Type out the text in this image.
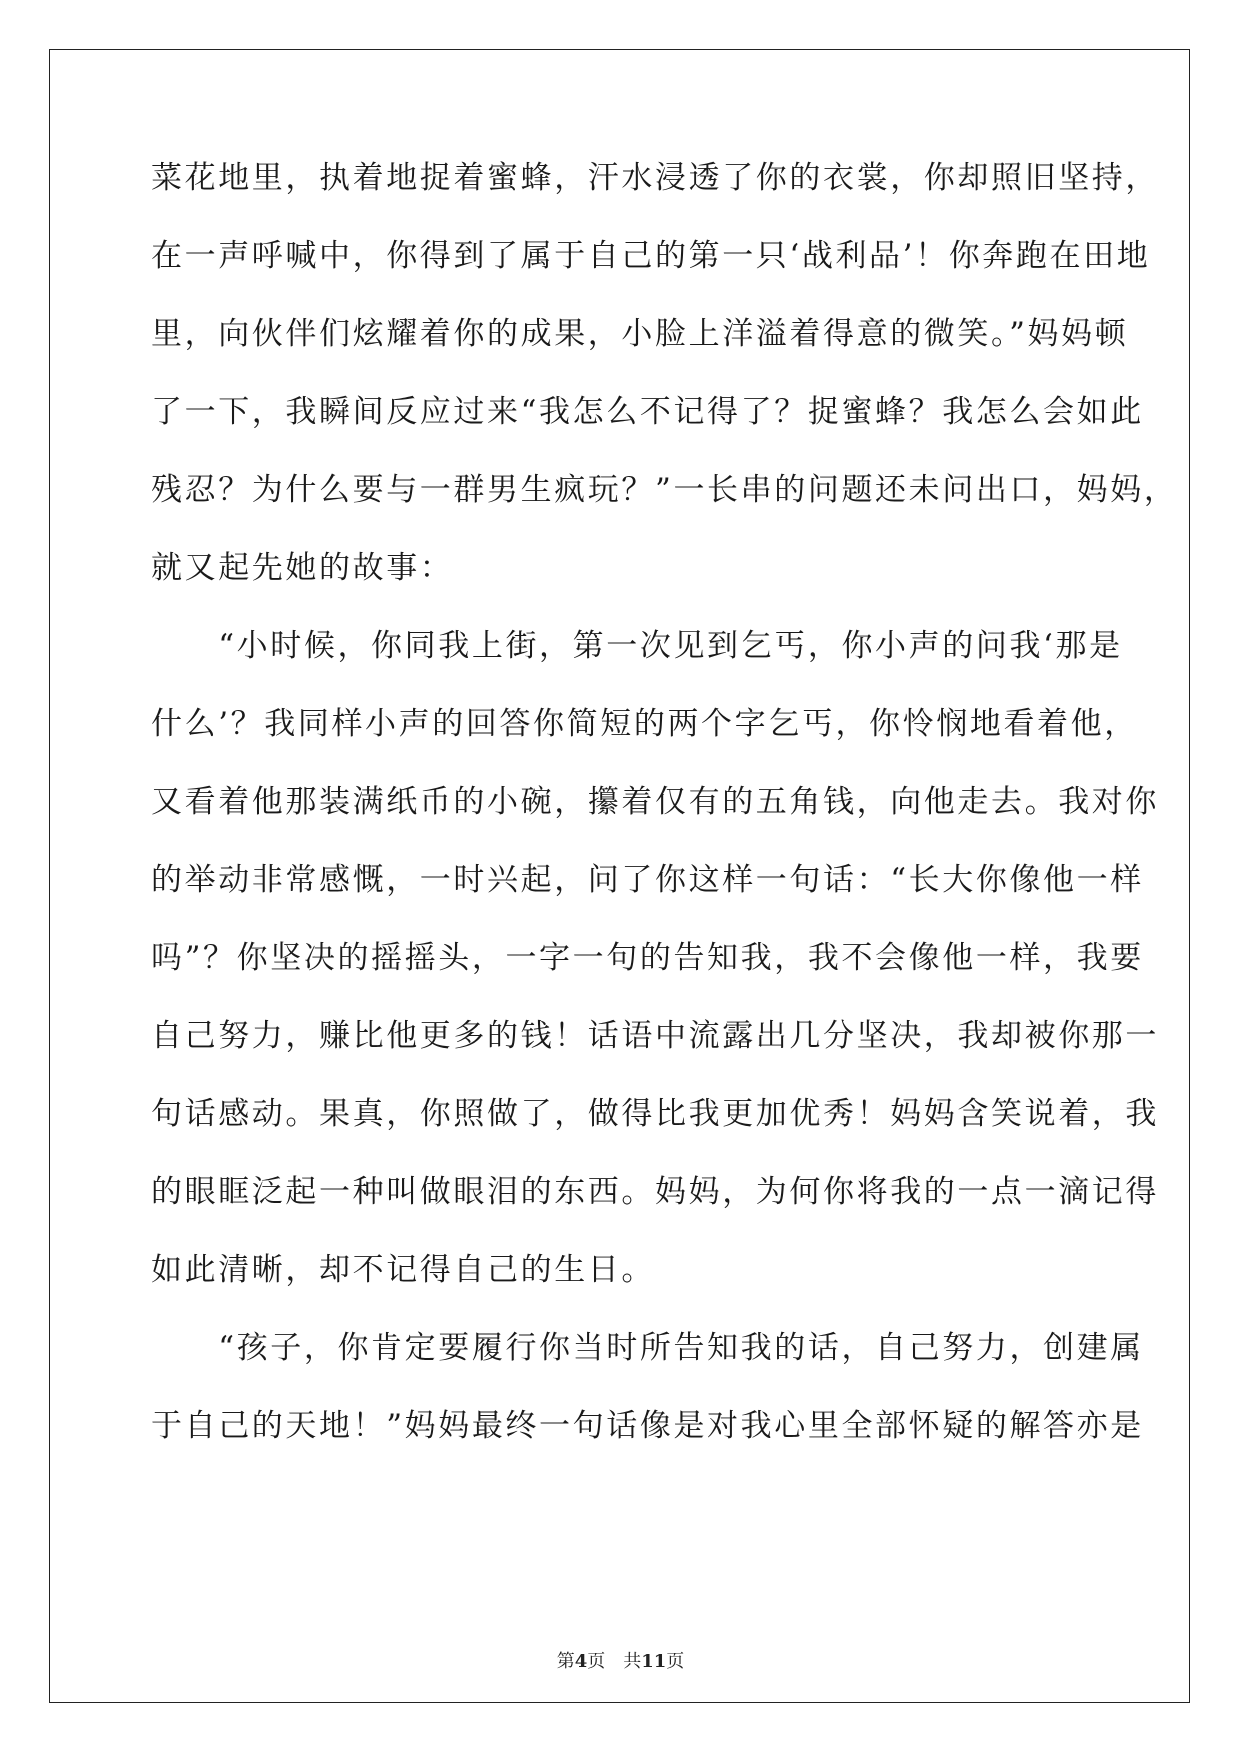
菜花地里，执着地捉着蜜蜂，汗水浸透了你的衣裳，你却照旧坚持，
在一声呼喊中，你得到了属于自己的第一只‘战利品’！你奔跑在田地
里，向伙伴们炫耀着你的成果，小脸上洋溢着得意的微笑。”妈妈顿
了一下，我瞬间反应过来“我怎么不记得了？捉蜜蜂？我怎么会如此
残忍？为什么要与一群男生疯玩？”一长串的问题还未问出口，妈妈，
就又起先她的故事：
　　“小时候，你同我上街，第一次见到乞丐，你小声的问我‘那是
什么’？我同样小声的回答你简短的两个字乞丐，你怜悯地看着他，
又看着他那装满纸币的小碗，攥着仅有的五角钱，向他走去。我对你
的举动非常感慨，一时兴起，问了你这样一句话：“长大你像他一样
吗”？你坚决的摇摇头，一字一句的告知我，我不会像他一样，我要
自己努力，赚比他更多的钱！话语中流露出几分坚决，我却被你那一
句话感动。果真，你照做了，做得比我更加优秀！妈妈含笑说着，我
的眼眶泛起一种叫做眼泪的东西。妈妈，为何你将我的一点一滴记得
如此清晰，却不记得自己的生日。
　　“孩子，你肯定要履行你当时所告知我的话，自己努力，创建属
于自己的天地！”妈妈最终一句话像是对我心里全部怀疑的解答亦是
第4页　共11页
